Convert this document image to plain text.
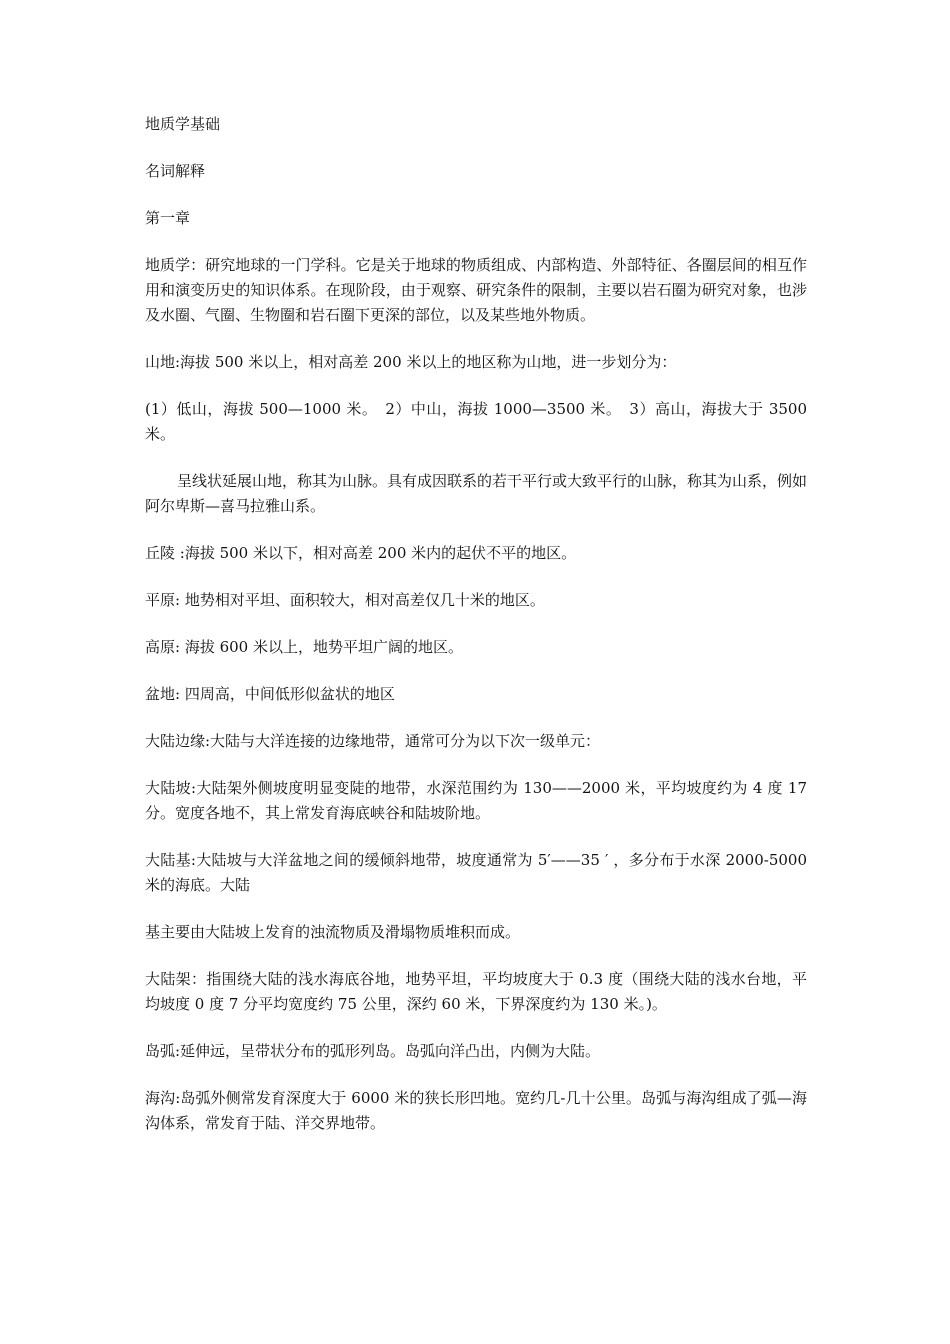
地质学基础

名词解释

第一章

地质学：研究地球的一门学科。它是关于地球的物质组成、内部构造、外部特征、各圈层间的相互作用和演变历史的知识体系。在现阶段，由于观察、研究条件的限制，主要以岩石圈为研究对象，也涉及水圈、气圈、生物圈和岩石圈下更深的部位，以及某些地外物质。

山地:海拔 500 米以上，相对高差 200 米以上的地区称为山地，进一步划分为：

(1）低山，海拔 500—1000 米。　2）中山，海拔 1000—3500 米。　3）高山，海拔大于 3500 米。

呈线状延展山地，称其为山脉。具有成因联系的若干平行或大致平行的山脉，称其为山系，例如阿尔卑斯—喜马拉雅山系。

丘陵 :海拔 500 米以下，相对高差 200 米内的起伏不平的地区。

平原: 地势相对平坦、面积较大，相对高差仅几十米的地区。

高原: 海拔 600 米以上，地势平坦广阔的地区。

盆地: 四周高，中间低形似盆状的地区

大陆边缘:大陆与大洋连接的边缘地带，通常可分为以下次一级单元：

大陆坡:大陆架外侧坡度明显变陡的地带，水深范围约为 130——2000 米，平均坡度约为 4 度 17 分。宽度各地不，其上常发育海底峡谷和陆坡阶地。

大陆基:大陆坡与大洋盆地之间的缓倾斜地带，坡度通常为 5′——35 ′ ，多分布于水深 2000-5000 米的海底。大陆

基主要由大陆坡上发育的浊流物质及滑塌物质堆积而成。

大陆架：指围绕大陆的浅水海底谷地，地势平坦，平均坡度大于 0.3 度（围绕大陆的浅水台地，平均坡度 0 度 7 分平均宽度约 75 公里，深约 60 米，下界深度约为 130 米。)。

岛弧:延伸远，呈带状分布的弧形列岛。岛弧向洋凸出，内侧为大陆。

海沟:岛弧外侧常发育深度大于 6000 米的狭长形凹地。宽约几-几十公里。岛弧与海沟组成了弧—海沟体系，常发育于陆、洋交界地带。
